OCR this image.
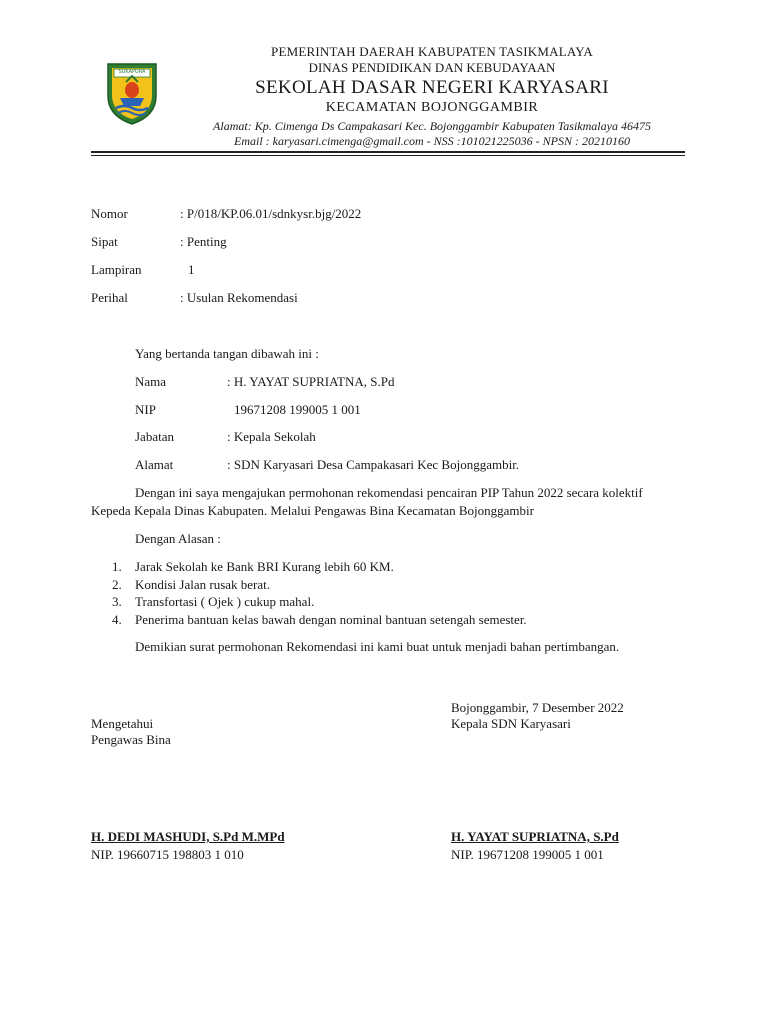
SUKAPURA
PEMERINTAH DAERAH KABUPATEN TASIKMALAYA
DINAS PENDIDIKAN DAN KEBUDAYAAN
SEKOLAH DASAR NEGERI KARYASARI
KECAMATAN BOJONGGAMBIR
Alamat: Kp. Cimenga Ds Campakasari Kec. Bojonggambir Kabupaten Tasikmalaya 46475
Email : karyasari.cimenga@gmail.com - NSS :101021225036 - NPSN : 20210160
Nomor	: P/018/KP.06.01/sdnkysr.bjg/2022
Sipat	: Penting
Lampiran	1
Perihal	: Usulan Rekomendasi
Yang bertanda tangan dibawah ini :
Nama	: H. YAYAT SUPRIATNA, S.Pd
NIP	19671208 199005 1 001
Jabatan	: Kepala Sekolah
Alamat	: SDN Karyasari Desa Campakasari Kec Bojonggambir.
Dengan ini saya mengajukan permohonan rekomendasi pencairan PIP Tahun 2022 secara kolektif
Kepeda Kepala Dinas Kabupaten. Melalui Pengawas Bina Kecamatan Bojonggambir
Dengan Alasan :
1. Jarak Sekolah ke Bank BRI Kurang lebih 60 KM.
2. Kondisi Jalan rusak berat.
3. Transfortasi ( Ojek ) cukup mahal.
4. Penerima bantuan kelas bawah dengan nominal bantuan setengah semester.
Demikian surat permohonan Rekomendasi ini kami buat untuk menjadi bahan pertimbangan.
Bojonggambir, 7 Desember 2022
Mengetahui	Kepala SDN Karyasari
Pengawas Bina
H. DEDI MASHUDI, S.Pd M.MPd
NIP. 19660715 198803 1 010
H. YAYAT SUPRIATNA, S.Pd
NIP. 19671208 199005 1 001
